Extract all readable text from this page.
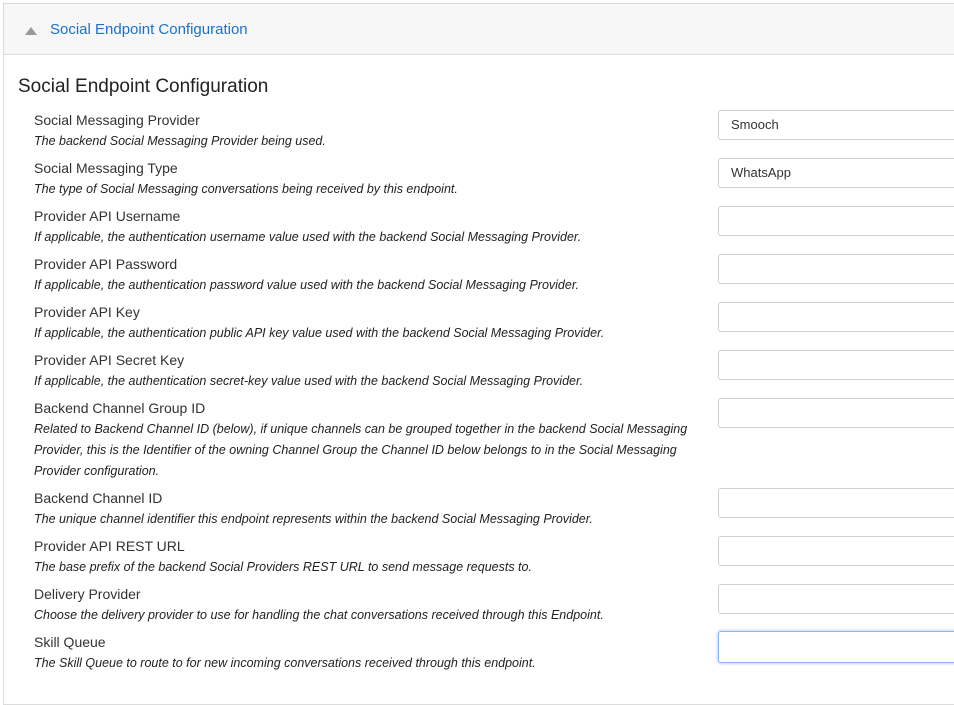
Social Endpoint Configuration
Social Endpoint Configuration
Social Messaging Provider
The backend Social Messaging Provider being used.
Smooch
Social Messaging Type
The type of Social Messaging conversations being received by this endpoint.
WhatsApp
Provider API Username
If applicable, the authentication username value used with the backend Social Messaging Provider.
Provider API Password
If applicable, the authentication password value used with the backend Social Messaging Provider.
Provider API Key
If applicable, the authentication public API key value used with the backend Social Messaging Provider.
Provider API Secret Key
If applicable, the authentication secret-key value used with the backend Social Messaging Provider.
Backend Channel Group ID
Related to Backend Channel ID (below), if unique channels can be grouped together in the backend Social Messaging Provider, this is the Identifier of the owning Channel Group the Channel ID below belongs to in the Social Messaging Provider configuration.
Backend Channel ID
The unique channel identifier this endpoint represents within the backend Social Messaging Provider.
Provider API REST URL
The base prefix of the backend Social Providers REST URL to send message requests to.
Delivery Provider
Choose the delivery provider to use for handling the chat conversations received through this Endpoint.
Skill Queue
The Skill Queue to route to for new incoming conversations received through this endpoint.
